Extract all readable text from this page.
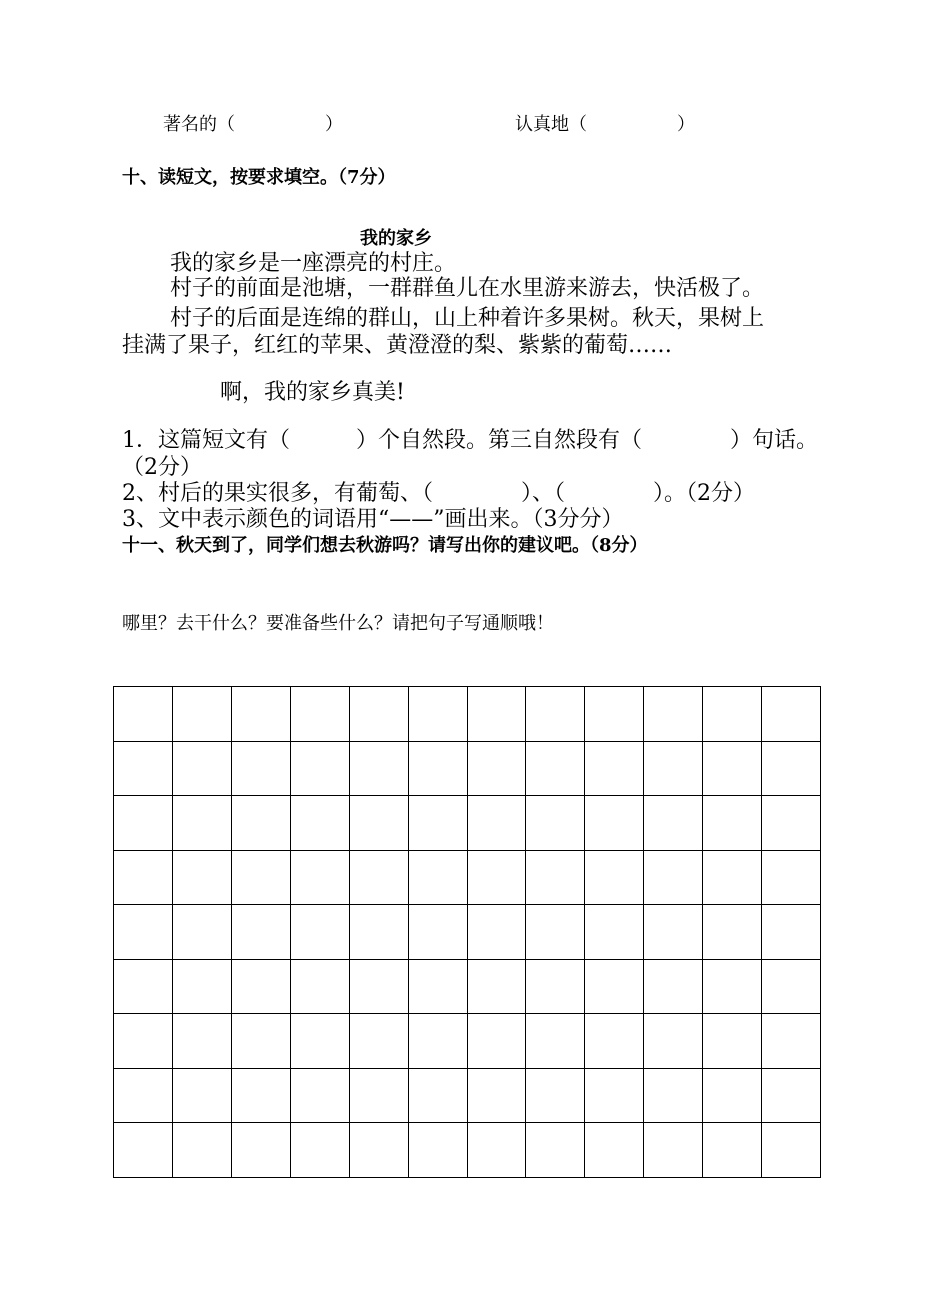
著名的（　　　　　）	认真地（　　　　　）
十、读短文，按要求填空。（7分）
我的家乡
我的家乡是一座漂亮的村庄。
村子的前面是池塘，一群群鱼儿在水里游来游去，快活极了。
村子的后面是连绵的群山，山上种着许多果树。秋天，果树上
挂满了果子，红红的苹果、黄澄澄的梨、紫紫的葡萄……
啊，我的家乡真美!
1．这篇短文有（　　　）个自然段。第三自然段有（　　　　）句话。
（2分）
2、村后的果实很多，有葡萄、（　　　　）、（　　　　）。（2分）
3、文中表示颜色的词语用“——”画出来。（3分分）
十一、秋天到了，同学们想去秋游吗？请写出你的建议吧。（8分）
哪里？去干什么？要准备些什么？请把句子写通顺哦！
